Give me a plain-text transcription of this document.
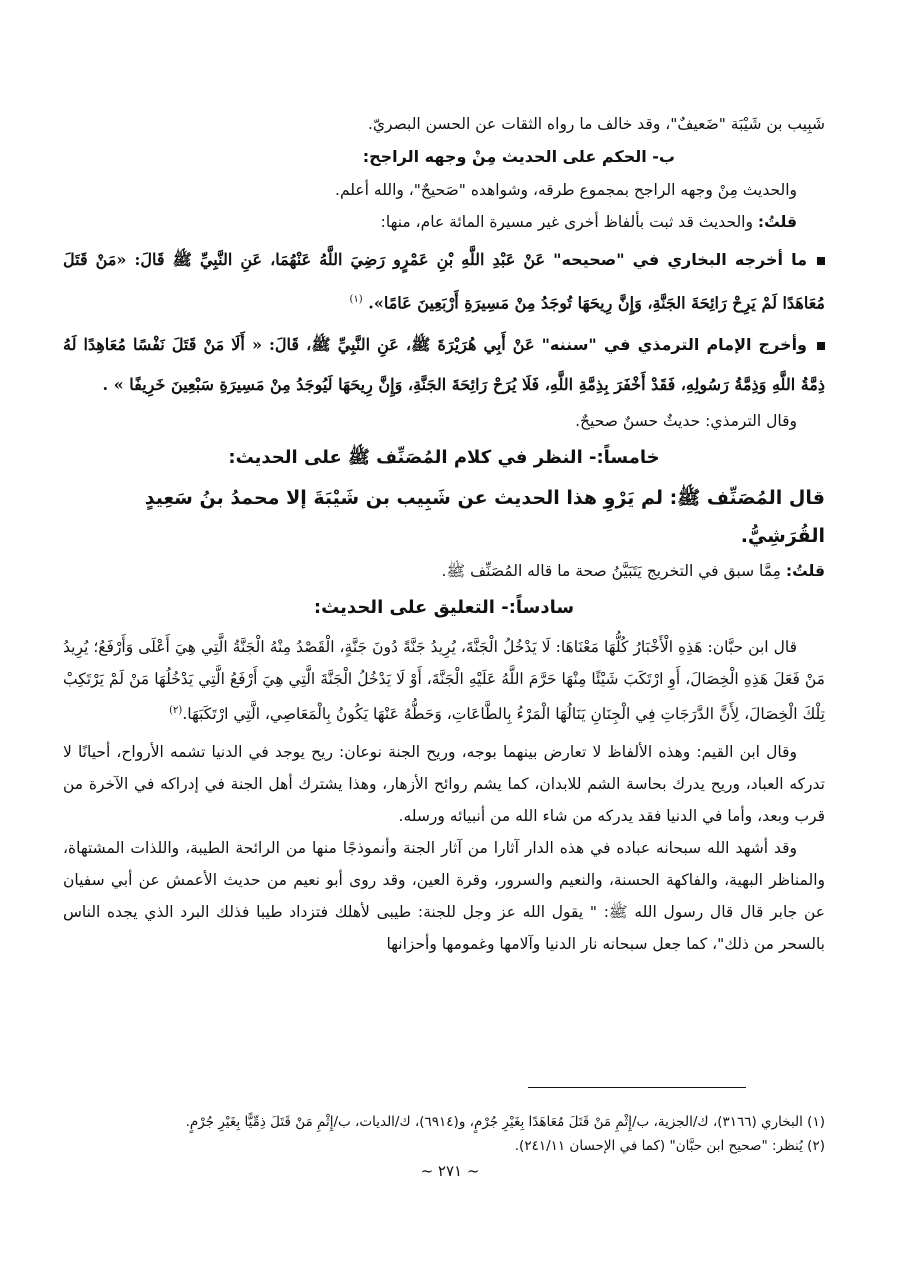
شَبِيب بن شَيْبَة "ضَعيفٌ"، وقد خالف ما رواه الثقات عن الحسن البصريّ.

ب- الحكم على الحديث مِنْ وجهه الراجح:

والحديث مِنْ وجهه الراجح بمجموع طرقه، وشواهده "صَحيحٌ"، والله أعلم.

قلتُ: والحديث قد ثبت بألفاظ أخرى غير مسيرة المائة عام، منها:

ما أخرجه البخاري في "صحيحه" عَنْ عَبْدِ اللَّهِ بْنِ عَمْرٍو رَضِيَ اللَّهُ عَنْهُمَا، عَنِ النَّبِيِّ ﷺ قَالَ: «مَنْ قَتَلَ مُعَاهَدًا لَمْ يَرِحْ رَائِحَةَ الجَنَّةِ، وَإِنَّ رِيحَهَا تُوجَدُ مِنْ مَسِيرَةِ أَرْبَعِينَ عَامًا». $^{(١)}$

وأخرج الإمام الترمذي في "سننه" عَنْ أَبِي هُرَيْرَةَ ﷺ، عَنِ النَّبِيِّ ﷺ، قَالَ: « أَلَا مَنْ قَتَلَ نَفْسًا مُعَاهِدًا لَهُ ذِمَّةُ اللَّهِ وَذِمَّةُ رَسُولِهِ، فَقَدْ أَخْفَرَ بِذِمَّةِ اللَّهِ، فَلَا يُرَحْ رَائِحَةَ الجَنَّةِ، وَإِنَّ رِيحَهَا لَيُوجَدُ مِنْ مَسِيرَةِ سَبْعِينَ خَرِيفًا » .

وقال الترمذي: حديثٌ حسنٌ صحيحٌ.

خامساً:- النظر في كلام المُصَنِّف ﷺ على الحديث:

قال المُصَنِّف ﷺ: لم يَرْوِ هذا الحديث عن شَبِيب بن شَيْبَةَ إلا محمدُ بنُ سَعِيدٍ القُرَشِيُّ.

قلتُ: مِمَّا سبق في التخريج يَتَبَيَّنُ صحة ما قاله المُصَنِّف ﷺ.

سادساً:- التعليق على الحديث:

قال ابن حبَّان: هَذِهِ الْأَخْبَارُ كُلُّهَا مَعْنَاهَا: لَا يَدْخُلُ الْجَنَّةَ، يُرِيدُ جَنَّةً دُونَ جَنَّةٍ، الْقَصْدُ مِنْهُ الْجَنَّةُ الَّتِي هِيَ أَعْلَى وَأَرْفَعُ؛ يُرِيدُ مَنْ فَعَلَ هَذِهِ الْخِصَالَ، أَوِ ارْتَكَبَ شَيْئًا مِنْهَا حَرَّمَ اللَّهُ عَلَيْهِ الْجَنَّةَ، أَوْ لَا يَدْخُلُ الْجَنَّةَ الَّتِي هِيَ أَرْفَعُ الَّتِي يَدْخُلُهَا مَنْ لَمْ يَرْتَكِبْ تِلْكَ الْخِصَالَ، لِأَنَّ الدَّرَجَاتِ فِي الْجِنَانِ يَنَالُهَا الْمَرْءُ بِالطَّاعَاتِ، وَحَطُّهُ عَنْهَا يَكُونُ بِالْمَعَاصِي، الَّتِي ارْتَكَبَهَا.$^{(٢)}$

وقال ابن القيم: وهذه الألفاظ لا تعارض بينهما بوجه، وريح الجنة نوعان: ريح يوجد في الدنيا تشمه الأرواح، أحيانًا لا تدركه العباد، وريح يدرك بحاسة الشم للابدان، كما يشم روائح الأزهار، وهذا يشترك أهل الجنة في إدراكه في الآخرة من قرب وبعد، وأما في الدنيا فقد يدركه من شاء الله من أنبيائه ورسله.

وقد أشهد الله سبحانه عباده في هذه الدار آثارا من آثار الجنة وأنموذجًا منها من الرائحة الطيبة، واللذات المشتهاة، والمناظر البهية، والفاكهة الحسنة، والنعيم والسرور، وقرة العين، وقد روى أبو نعيم من حديث الأعمش عن أبي سفيان عن جابر قال قال رسول الله ﷺ: " يقول الله عز وجل للجنة: طيبى لأهلك فتزداد طيبا فذلك البرد الذي يجده الناس بالسحر من ذلك"، كما جعل سبحانه نار الدنيا وآلامها وغمومها وأحزانها

(١) البخاري (٣١٦٦)، ك/الجزية، ب/إِثْمِ مَنْ قَتَلَ مُعَاهَدًا بِغَيْرِ جُرْمٍ، و(٦٩١٤)، ك/الديات، ب/إِثْمِ مَنْ قَتَلَ ذِمِّيًّا بِغَيْرِ جُرْمٍ.

(٢) يُنظر: "صحيح ابن حبَّان" (كما في الإحسان ٢٤١/١١).

~ ٢٧١ ~
